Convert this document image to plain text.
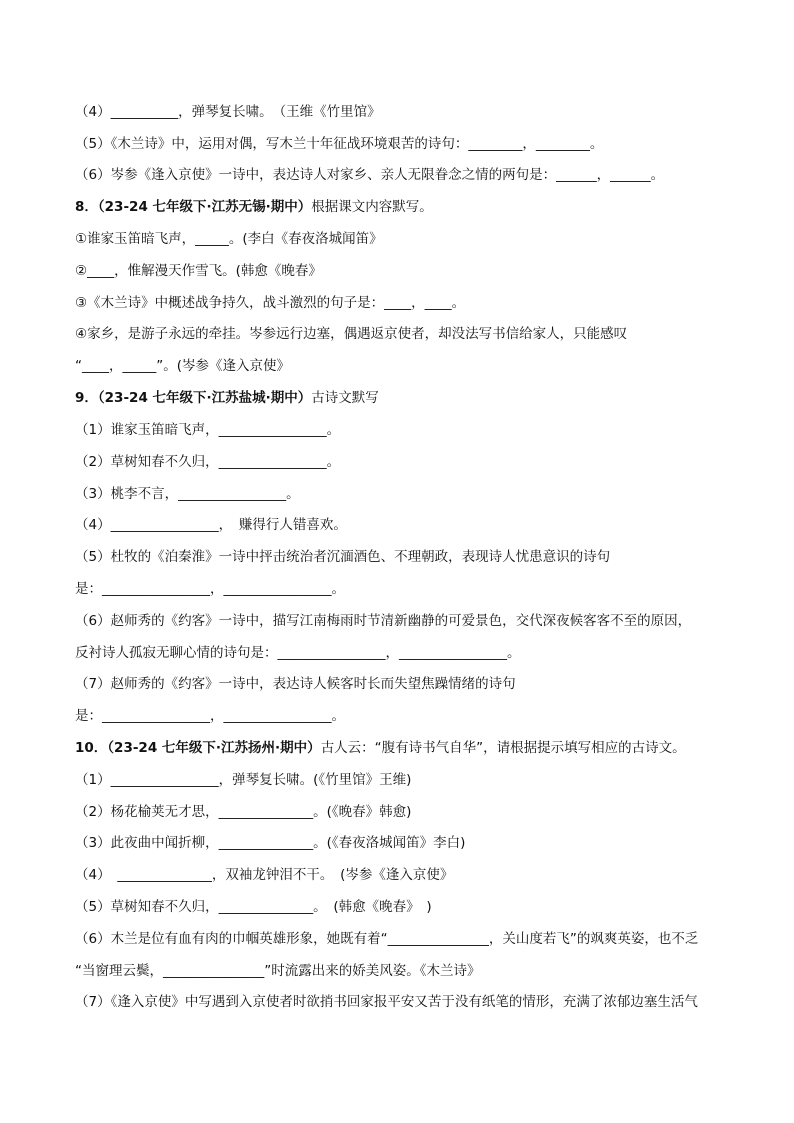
（4）__________，弹琴复长啸。　（王维《竹里馆》
（5）《木兰诗》中，运用对偶，写木兰十年征战环境艰苦的诗句：________，________。
（6）岑参《逢入京使》一诗中，表达诗人对家乡、亲人无限眷念之情的两句是：______，______。
8．（23-24 七年级下·江苏无锡·期中）根据课文内容默写。
①谁家玉笛暗飞声，_____。(李白《春夜洛城闻笛》
②____，惟解漫天作雪飞。(韩愈《晚春》
③《木兰诗》中概述战争持久，战斗激烈的句子是：____，____。
④家乡，是游子永远的牵挂。岑参远行边塞，偶遇返京使者，却没法写书信给家人，只能感叹
“____，_____”。(岑参《逢入京使》
9．（23-24 七年级下·江苏盐城·期中）古诗文默写
（1）谁家玉笛暗飞声，________________。
（2）草树知春不久归，________________。
（3）桃李不言，________________。
（4）________________，　赚得行人错喜欢。
（5）杜牧的《泊秦淮》一诗中抨击统治者沉湎酒色、不理朝政，表现诗人忧患意识的诗句
是：________________，________________。
（6）赵师秀的《约客》一诗中，描写江南梅雨时节清新幽静的可爱景色，交代深夜候客客不至的原因，
反衬诗人孤寂无聊心情的诗句是：________________，________________。
（7）赵师秀的《约客》一诗中，表达诗人候客时长而失望焦躁情绪的诗句
是：________________，________________。
10．（23-24 七年级下·江苏扬州·期中）古人云：“腹有诗书气自华”，请根据提示填写相应的古诗文。
（1）________________，弹琴复长啸。(《竹里馆》王维)
（2）杨花榆荚无才思，______________。(《晚春》韩愈)
（3）此夜曲中闻折柳，______________。(《春夜洛城闻笛》李白)
（4）　______________，双袖龙钟泪不干。　(岑参《逢入京使》
（5）草树知春不久归，______________。　(韩愈《晚春》　)
（6）木兰是位有血有肉的巾帼英雄形象，她既有着“_______________，关山度若飞”的飒爽英姿，也不乏
“当窗理云鬓，_______________”时流露出来的娇美风姿。《木兰诗》
（7）《逢入京使》中写遇到入京使者时欲捎书回家报平安又苦于没有纸笔的情形，充满了浓郁边塞生活气
